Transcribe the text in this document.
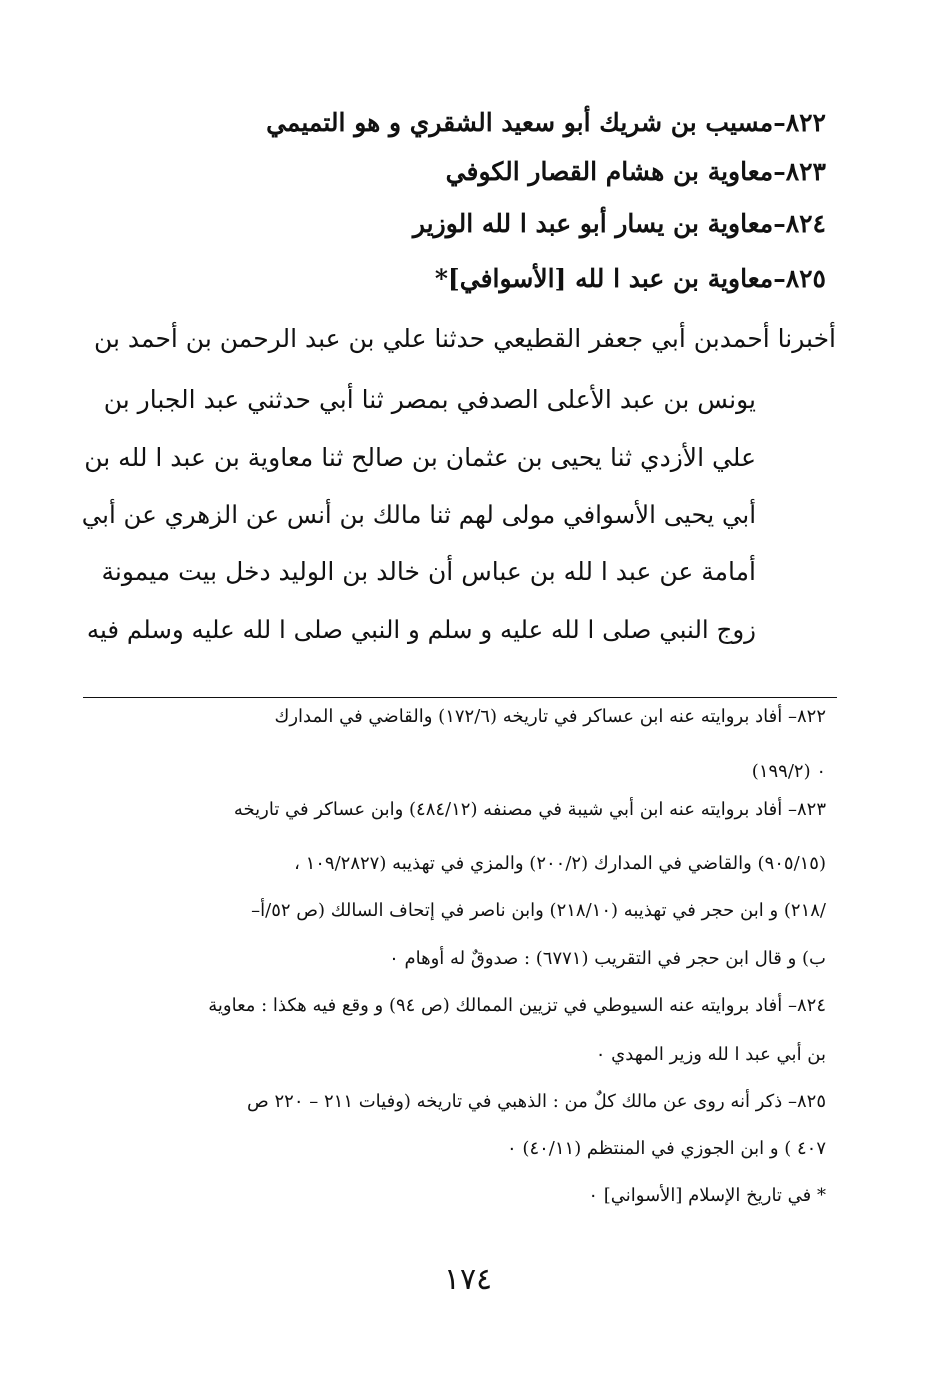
٨٢٢–مسيب بن شريك أبو سعيد الشقري و هو التميمي

٨٢٣–معاوية بن هشام القصار الكوفي

٨٢٤–معاوية بن يسار أبو عبد ا لله الوزير

٨٢٥–معاوية بن عبد ا لله [الأسوافي]*

أخبرنا أحمدبن أبي جعفر القطيعي حدثنا علي بن عبد الرحمن بن أحمد بن

يونس بن عبد الأعلى الصدفي بمصر ثنا أبي حدثني عبد الجبار بن

علي الأزدي ثنا يحيى بن عثمان بن صالح ثنا معاوية بن عبد ا لله بن

أبي يحيى الأسوافي مولى لهم ثنا مالك بن أنس عن الزهري عن أبي

أمامة عن عبد ا لله بن عباس أن خالد بن الوليد دخل بيت ميمونة

زوج النبي صلى ا لله عليه و سلم و النبي صلى ا لله عليه وسلم فيه

٨٢٢– أفاد بروايته عنه ابن عساكر في تاريخه (١٧٢/٦) والقاضي في المدارك

(١٩٩/٢) ٠

٨٢٣– أفاد بروايته عنه ابن أبي شيبة في مصنفه (٤٨٤/١٢) وابن عساكر في تاريخه

(٩٠٥/١٥) والقاضي في المدارك (٢٠٠/٢) والمزي في تهذيبه (١٠٩/٢٨٢٧ ،

/٢١٨) و ابن حجر في تهذيبه (٢١٨/١٠) وابن ناصر في إتحاف السالك (ص ٥٢/أ–

ب) و قال ابن حجر في التقريب (٦٧٧١) : صدوقٌ له أوهام ٠

٨٢٤– أفاد بروايته عنه السيوطي في تزيين الممالك (ص ٩٤) و وقع فيه هكذا : معاوية

بن أبي عبد ا لله وزير المهدي ٠

٨٢٥– ذكر أنه روى عن مالك كلٌ من : الذهبي في تاريخه (وفيات ٢١١ – ٢٢٠ ص

٤٠٧ ) و ابن الجوزي في المنتظم (٤٠/١١) ٠

* في تاريخ الإسلام [الأسواني] ٠

١٧٤
